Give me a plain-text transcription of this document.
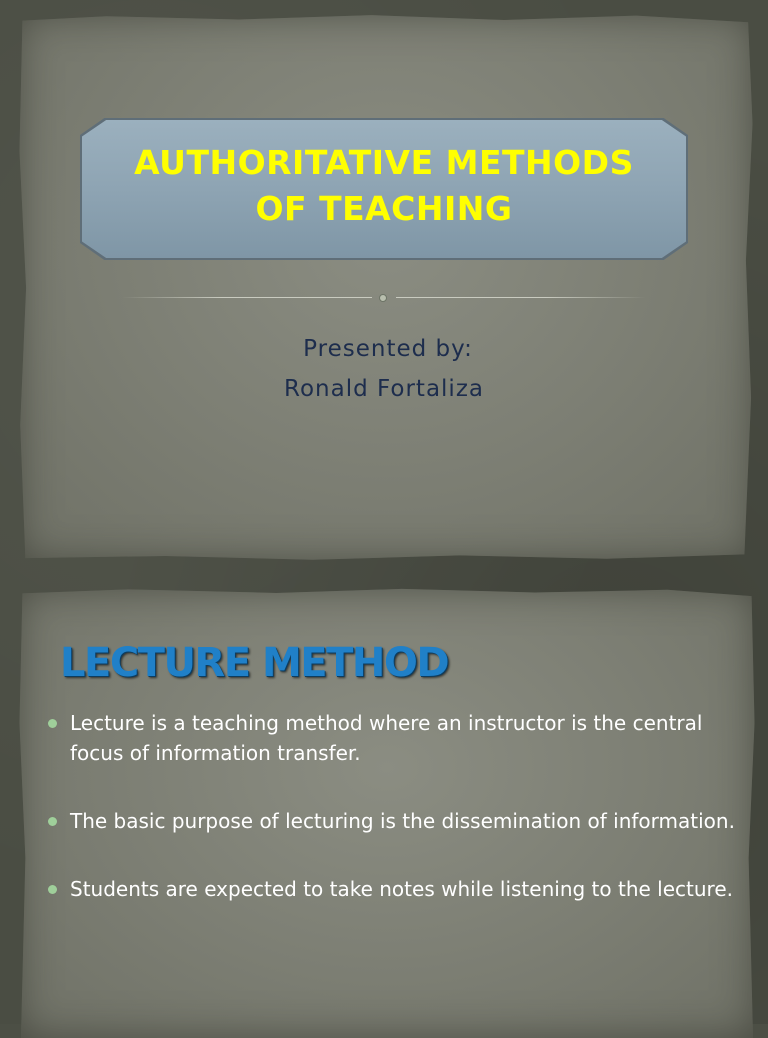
AUTHORITATIVE METHODS
OF TEACHING
Presented by:
Ronald Fortaliza
LECTURE METHOD
Lecture is a teaching method where an instructor is the central focus of information transfer.
The basic purpose of lecturing is the dissemination of information.
Students are expected to take notes while listening to the lecture.
